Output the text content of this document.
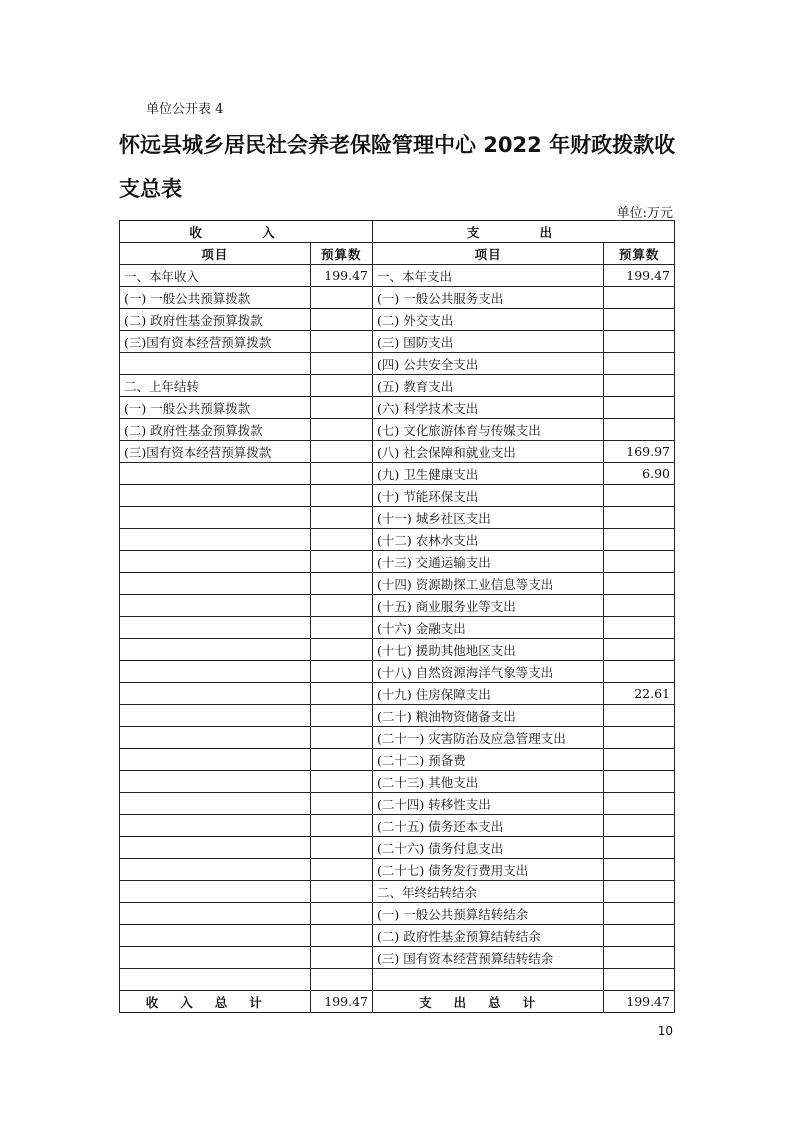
单位公开表 4
怀远县城乡居民社会养老保险管理中心 2022 年财政拨款收支总表
单位:万元
收 入		支 出	
项目	预算数	项目	预算数
一、本年收入	199.47	一、本年支出	199.47
(一) 一般公共预算拨款		(一) 一般公共服务支出	
(二) 政府性基金预算拨款		(二) 外交支出	
(三)国有资本经营预算拨款		(三) 国防支出	
		(四) 公共安全支出	
二、上年结转		(五) 教育支出	
(一) 一般公共预算拨款		(六) 科学技术支出	
(二) 政府性基金预算拨款		(七) 文化旅游体育与传媒支出	
(三)国有资本经营预算拨款		(八) 社会保障和就业支出	169.97
		(九) 卫生健康支出	6.90
		(十) 节能环保支出	
		(十一) 城乡社区支出	
		(十二) 农林水支出	
		(十三) 交通运输支出	
		(十四) 资源勘探工业信息等支出	
		(十五) 商业服务业等支出	
		(十六) 金融支出	
		(十七) 援助其他地区支出	
		(十八) 自然资源海洋气象等支出	
		(十九) 住房保障支出	22.61
		(二十) 粮油物资储备支出	
		(二十一) 灾害防治及应急管理支出	
		(二十二) 预备费	
		(二十三) 其他支出	
		(二十四) 转移性支出	
		(二十五) 债务还本支出	
		(二十六) 债务付息支出	
		(二十七) 债务发行费用支出	
		二、年终结转结余	
		(一) 一般公共预算结转结余	
		(二) 政府性基金预算结转结余	
		(三) 国有资本经营预算结转结余	

收入总计	199.47	支出总计	199.47
10
